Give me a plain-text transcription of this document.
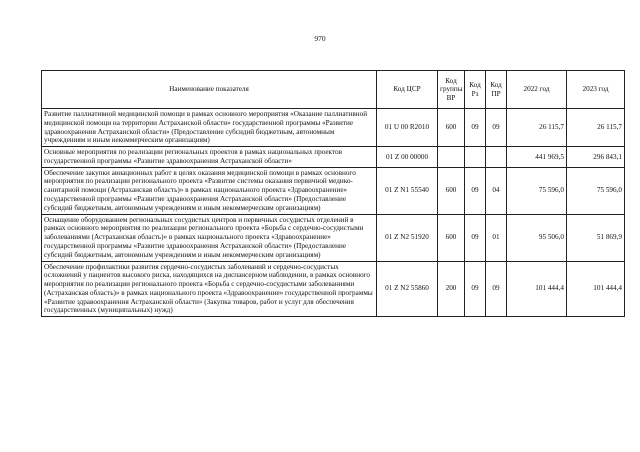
970
Наименование показателя	Код ЦСР	Код группы ВР	Код Рз	Код ПР	2022 год	2023 год
Развитие паллиативной медицинской помощи в рамках основного мероприятия «Оказание паллиативной медицинской помощи на территории Астраханской области» государственной программы «Развитие здравоохранения Астраханской области» (Предоставление субсидий бюджетным, автономным учреждениям и иным некоммерческим организациям)	01 U 00 R2010	600	09	09	26 115,7	26 115,7
Основные мероприятия по реализации региональных проектов в рамках национальных проектов государственной программы «Развитие здравоохранения Астраханской области»	01 Z 00 00000				441 969,5	296 843,1
Обеспечение закупки авиационных работ в целях оказания медицинской помощи в рамках основного мероприятия по реализации регионального проекта «Развитие системы оказания первичной медико-санитарной помощи (Астраханская область)» в рамках национального проекта «Здравоохранение» государственной программы «Развитие здравоохранения Астраханской области» (Предоставление субсидий бюджетным, автономным учреждениям и иным некоммерческим организациям)	01 Z N1 55540	600	09	04	75 596,0	75 596,0
Оснащение оборудованием региональных сосудистых центров и первичных сосудистых отделений в рамках основного мероприятия по реализации регионального проекта «Борьба с сердечно-сосудистыми заболеваниями (Астраханская область)» в рамках национального проекта «Здравоохранение» государственной программы «Развитие здравоохранения Астраханской области» (Предоставление субсидий бюджетным, автономным учреждениям и иным некоммерческим организациям)	01 Z N2 51920	600	09	01	95 506,0	51 869,9
Обеспечение профилактики развития сердечно-сосудистых заболеваний и сердечно-сосудистых осложнений у пациентов высокого риска, находящихся на диспансерном наблюдении, в рамках основного мероприятия по реализации регионального проекта «Борьба с сердечно-сосудистыми заболеваниями (Астраханская область)» в рамках национального проекта «Здравоохранение» государственной программы «Развитие здравоохранения Астраханской области» (Закупка товаров, работ и услуг для обеспечения государственных (муниципальных) нужд)	01 Z N2 55860	200	09	09	101 444,4	101 444,4
